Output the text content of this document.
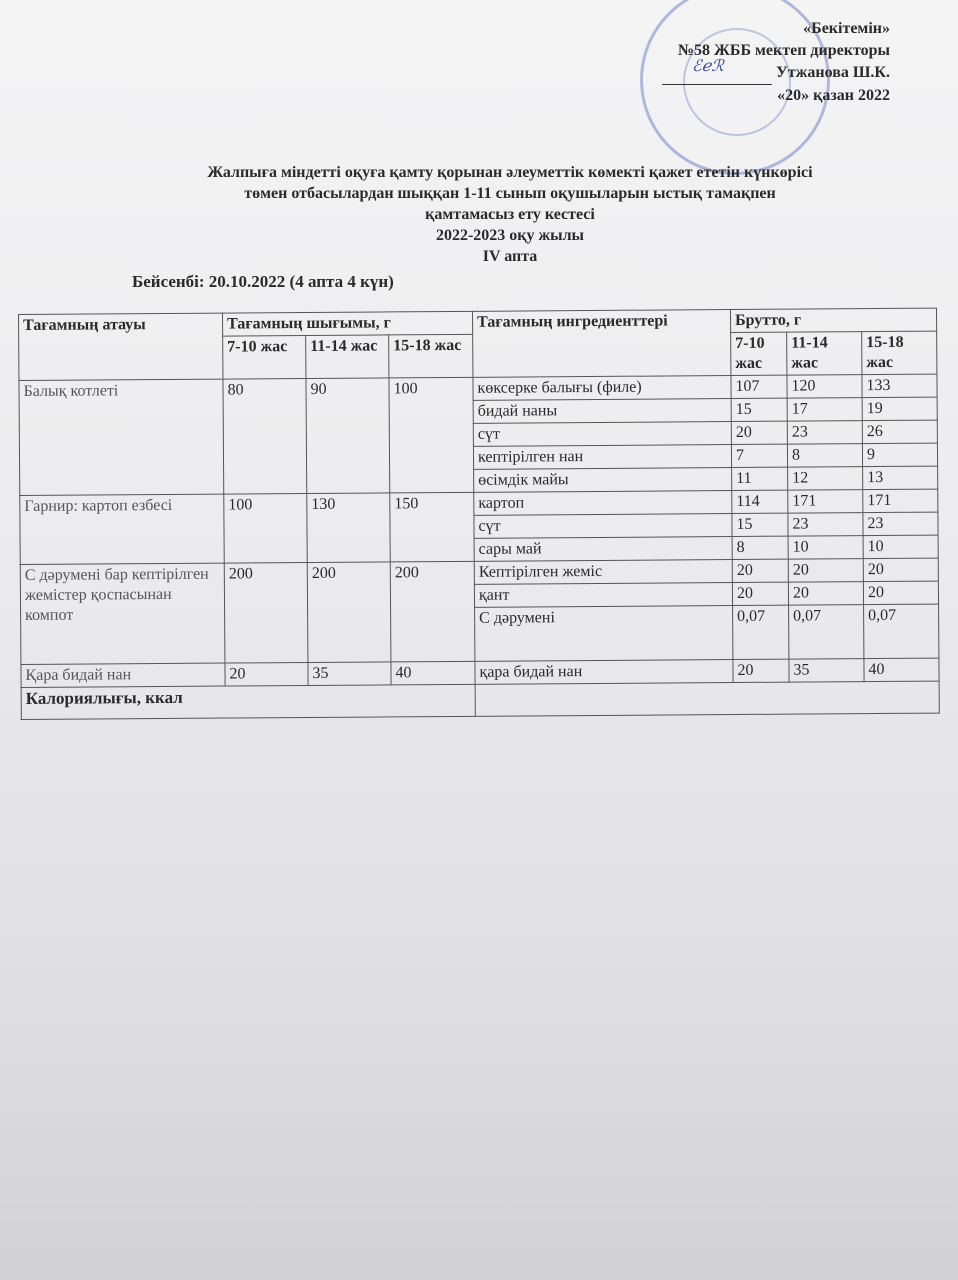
«Бекітемін»
№58 ЖББ мектеп директоры
ℰℯℛ	Утжанова Ш.К.
«20» қазан 2022
Жалпыға міндетті оқуға қамту қорынан әлеуметтік көмекті қажет ететін күнкөрісі
төмен отбасылардан шыққан 1-11 сынып оқушыларын ыстық тамақпен
қамтамасыз ету кестесі
2022-2023 оқу жылы
IV апта
Бейсенбі: 20.10.2022 (4 апта 4 күн)
Тағамның атауы	Тағамның шығымы, г			Тағамның ингредиенттері	Брутто, г		
	7-10 жас	11-14 жас	15-18 жас		7-10 жас	11-14 жас	15-18 жас
Балық котлеті	80	90	100	көксерке балығы (филе)	107	120	133
				бидай наны	15	17	19
				сүт	20	23	26
				кептірілген нан	7	8	9
				өсімдік майы	11	12	13
Гарнир: картоп езбесі	100	130	150	картоп	114	171	171
				сүт	15	23	23
				сары май	8	10	10
С дәрумені бар кептірілген жемістер қоспасынан компот	200	200	200	Кептірілген жеміс	20	20	20
				қант	20	20	20
				С дәрумені	0,07	0,07	0,07
Қара бидай нан	20	35	40	қара бидай нан	20	35	40
Калориялығы, ккал							
